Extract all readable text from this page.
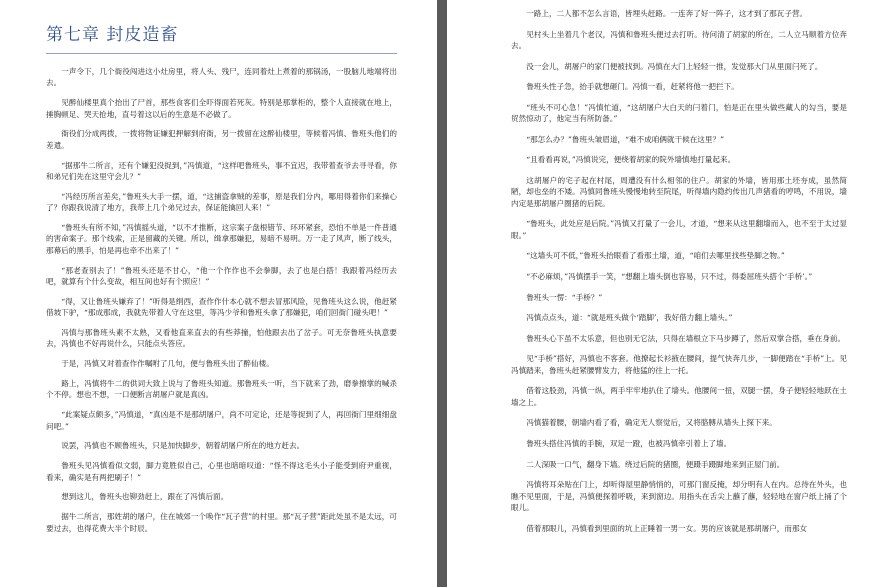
第七章 封皮造畜

一声令下，几个衙役闯进这小灶房里，将人头、残尸，连同着灶上煮着的那锅汤，一股脑儿地端将出去。

见醉仙楼里真个抬出了尸首，那些食客们全吓得面若死灰。特别是那掌柜的，整个人直接就在地上，捶胸顿足、哭天抢地，直号着这以后的生意是不必做了。

衙役们分成两拨，一拨将物证嫌犯押解到府衙，另一拨留在这醉仙楼里，等候着冯慎、鲁班头他们的差遣。

“据那牛二所言，还有个嫌犯没捉到，”冯慎道，“这样吧鲁班头，事不宜迟，我带着查爷去寻寻看，你和弟兄们先在这里守会儿？”

“冯经历所言差矣，”鲁班头大手一摆，道，“这捕盗拿贼的差事，原是我们分内，哪用得着你们来操心了？你跟我说清了地方，我带上几个弟兄过去，保证能擒回人来！”

“鲁班头有所不知，”冯慎摇头道，“以不才推断，这宗案子盘根错节、环环紧套，恐怕不单是一件普通的害命案子。那个线索，正是留藏的关键。所以，缉拿那嫌犯，易暗不易明。万一走了风声，断了线头，那幕后的黑手，怕是再也牵不出来了！”

“那老查别去了！”鲁班头还是不甘心，“他一个作作也不会拳脚，去了也是白搭！我跟着冯经历去吧，就算有个什么变故，相互间也好有个照应！”

“得，又让鲁班头嫌弃了！”听得是绢西，查作作什本心就不想去冒那风险，见鲁班头这么说，他赶紧借坡下驴，“那成那成，我就先带着人守在这里，等冯少爷和鲁班头拿了那嫌犯，咱们回衙门碰头吧！”

冯慎与那鲁班头素不太熟，又看他直来直去的有些莽撞，怕他跟去出了岔子。可无奈鲁班头执意要去，冯慎也不好再说什么，只能点头答应。

于是，冯慎又对着查作作嘱咐了几句，便与鲁班头出了醉仙楼。

路上，冯慎将牛二的供词大致上说与了鲁班头知道。那鲁班头一听，当下就来了劲，磨拳擦掌的喊杀个不停。想也不想，一口便断言胡屠户就是真凶。

“此案疑点颇多，”冯慎道，“真凶是不是那胡屠户，尚不可定论，还是等捉到了人，再回衙门里细细盘问吧。”

说罢，冯慎也不顾鲁班头，只是加快脚步，朝着胡屠户所在的地方赶去。

鲁班头见冯慎看似文弱，脚力竟胜似自己，心里也暗暗叹道：“怪不得这毛头小子能受到府尹重视，看来，确实是有两把刷子！”

想到这儿，鲁班头也铆劲赶上，跟在了冯慎后面。

据牛二所言，那姓胡的屠户，住在城郊一个唤作“瓦子营”的村里。那“瓦子营”距此处虽不是太远，可要过去，也得花费大半个时辰。

一路上，二人都不怎么言语，皆埋头赶路。一连奔了好一阵子，这才到了那瓦子营。

见村头上坐着几个老汉，冯慎和鲁班头便过去打听。待问清了胡家的所在，二人立马顺着方位奔去。

没一会儿，胡屠户的家门便被找到。冯慎在大门上轻轻一推，发觉那大门从里面闩死了。

鲁班头性子急，抬手就想砸门。冯慎一看，赶紧将他一把拦下。

“班头不可心急！”冯慎忙道，“这胡屠户大白天的闩着门，怕是正在里头做些藏人的勾当，要是贸然惊动了，他定当有所防备。”

“那怎么办？”鲁班头皱眉道，“难不成咱俩就干候在这里？”

“且看看再说，”冯慎说完，便绕着胡家的院外墙慎地打量起来。

这胡屠户的宅子起在村尾，周遭没有什么相邻的住户。胡家的外墙，皆用那土坯夯成，虽然简陋，却也垒的不矮。冯慎同鲁班头慢慢地转至院尾，听得墙内隐约传出几声猪看的哼鸣，不用说，墙内定是那胡屠户圈猪的后院。

“鲁班头，此处应是后院。”冯慎又打量了一会儿，才道，“想来从这里翻墙而入，也不至于太过显眼。”

“这墙头可不低，”鲁班头抬眼看了看那土墙，道，“咱们去哪里找些垫脚之物。”

“不必麻烦，”冯慎摆手一笑，“想翻上墙头倒也容易，只不过，得委屈班头搭个‘手桥’。”

鲁班头一愣：“手桥？”

冯慎点点头，道：“就是班头做个‘踏脚’，我好借力翻上墙头。”

鲁班头心下虽不太乐意，但也别无它法，只得在墙根立下马步蹲了，然后双掌合搭，垂在身前。

见“手桥”搭好，冯慎也不客套。他撩起长衫掖在腰间，提气快奔几步，一脚便踏在“手桥”上。见冯慎踏来，鲁班头赶紧腰臂发力，将他猛的往上一托。

借着这股劲，冯慎一纵，两手牢牢地扒住了墙头。他腰间一扭，双腿一摆，身子便轻轻地跃在土墙之上。

冯慎猫着腰，朝墙内看了看，确定无人察觉后，又将胳膊从墙头上探下来。

鲁班头搭住冯慎的手腕，双足一蹬，也被冯慎牵引着上了墙。

二人深吸一口气，翻身下墙。绕过后院的猪圈，便蹑手蹑脚地来到正屋门前。

冯慎将耳朵贴在门上，却听得屋里静悄悄的，可那门窗反掩，却分明有人在内。总待在外头，也瞧不见里面，于是，冯慎便探着呼吸，来到窗边。用指头在舌尖上蘸了蘸，轻轻地在窗户纸上捅了个眼儿。

借着那眼儿，冯慎看到里面的坑上正睡着一男一女。男的应该就是那胡屠户，而那女
